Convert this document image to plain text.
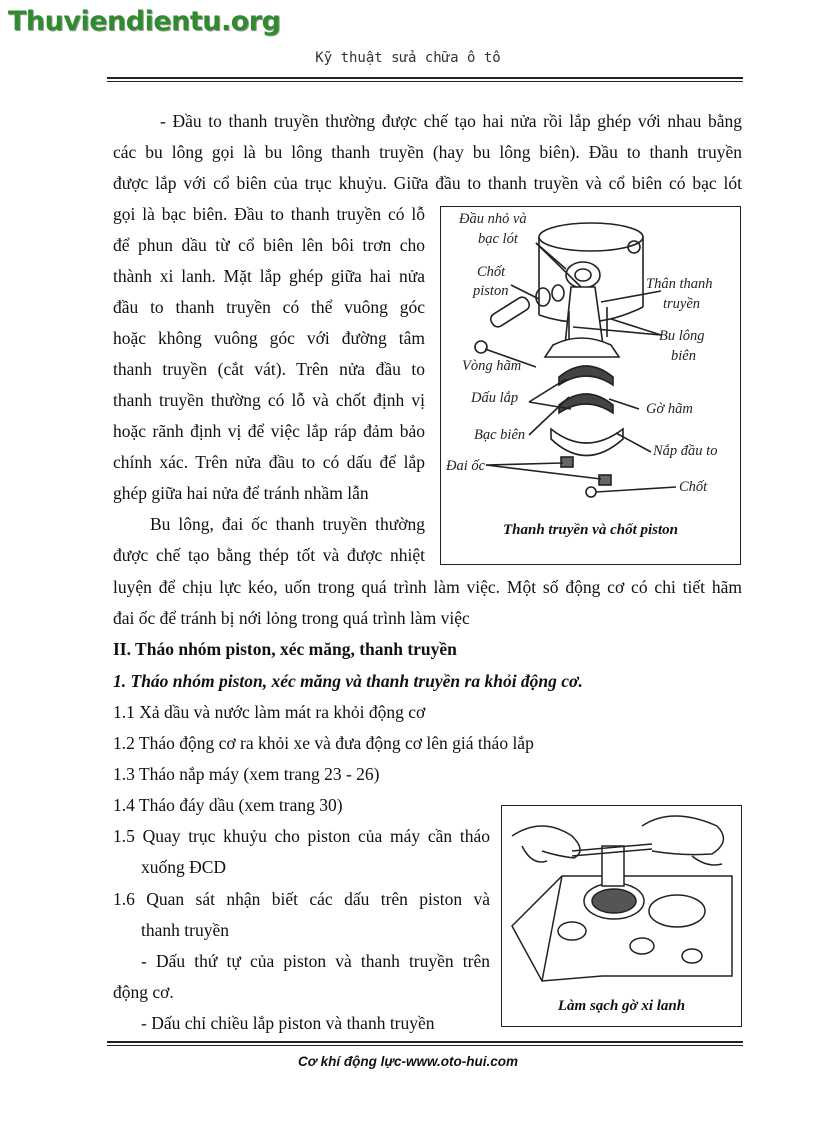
Thuviendientu.org
Kỹ thuật sửa chữa ô tô
- Đầu to thanh truyền thường được chế tạo hai nửa rồi lắp ghép với nhau bằng
các bu lông gọi là bu lông thanh truyền (hay bu lông biên). Đầu to thanh truyền
được lắp với cổ biên của trục khuỷu. Giữa đầu to thanh truyền và cổ biên có bạc lót
gọi là bạc biên. Đầu to thanh truyền có lỗ
để phun dầu từ cổ biên lên bôi trơn cho
thành xi lanh. Mặt lắp ghép giữa hai nửa
đầu to thanh truyền có thể vuông góc
hoặc không vuông góc với đường tâm
thanh truyền (cắt vát). Trên nửa đầu to
thanh truyền thường có lỗ và chốt định vị
hoặc rãnh định vị để việc lắp ráp đảm bảo
chính xác. Trên nửa đầu to có dấu để lắp
ghép giữa hai nửa để tránh nhầm lẫn
Bu lông, đai ốc thanh truyền thường
được chế tạo bằng thép tốt và được nhiệt
luyện để chịu lực kéo, uốn trong quá trình làm việc. Một số động cơ có chi tiết hãm
đai ốc để tránh bị nới lỏng trong quá trình làm việc
II. Tháo nhóm piston, xéc măng, thanh truyền
1. Tháo nhóm piston, xéc măng và thanh truyền ra khỏi động cơ.
1.1 Xả dầu và nước làm mát ra khỏi động cơ
1.2 Tháo động cơ ra khỏi xe và đưa động cơ lên giá tháo lắp
1.3 Tháo nắp máy (xem trang 23 - 26)
1.4 Tháo đáy dầu (xem trang 30)
1.5 Quay trục khuỷu cho piston của máy cần tháo
xuống ĐCD
1.6 Quan sát nhận biết các dấu trên piston và
thanh truyền
- Dấu thứ tự của piston và thanh truyền trên
động cơ.
- Dấu chỉ chiều lắp piston và thanh truyền
Đầu nhỏ và
bạc lót
Chốt
piston	Thân thanh
truyền
Bu lông
biên
Vòng hãm
Dấu lắp
Gờ hãm
Bạc biên
Nắp đầu to
Đai ốc
Chốt
Thanh truyền và chốt piston
Làm sạch gờ xi lanh
Cơ khí động lực-www.oto-hui.com
